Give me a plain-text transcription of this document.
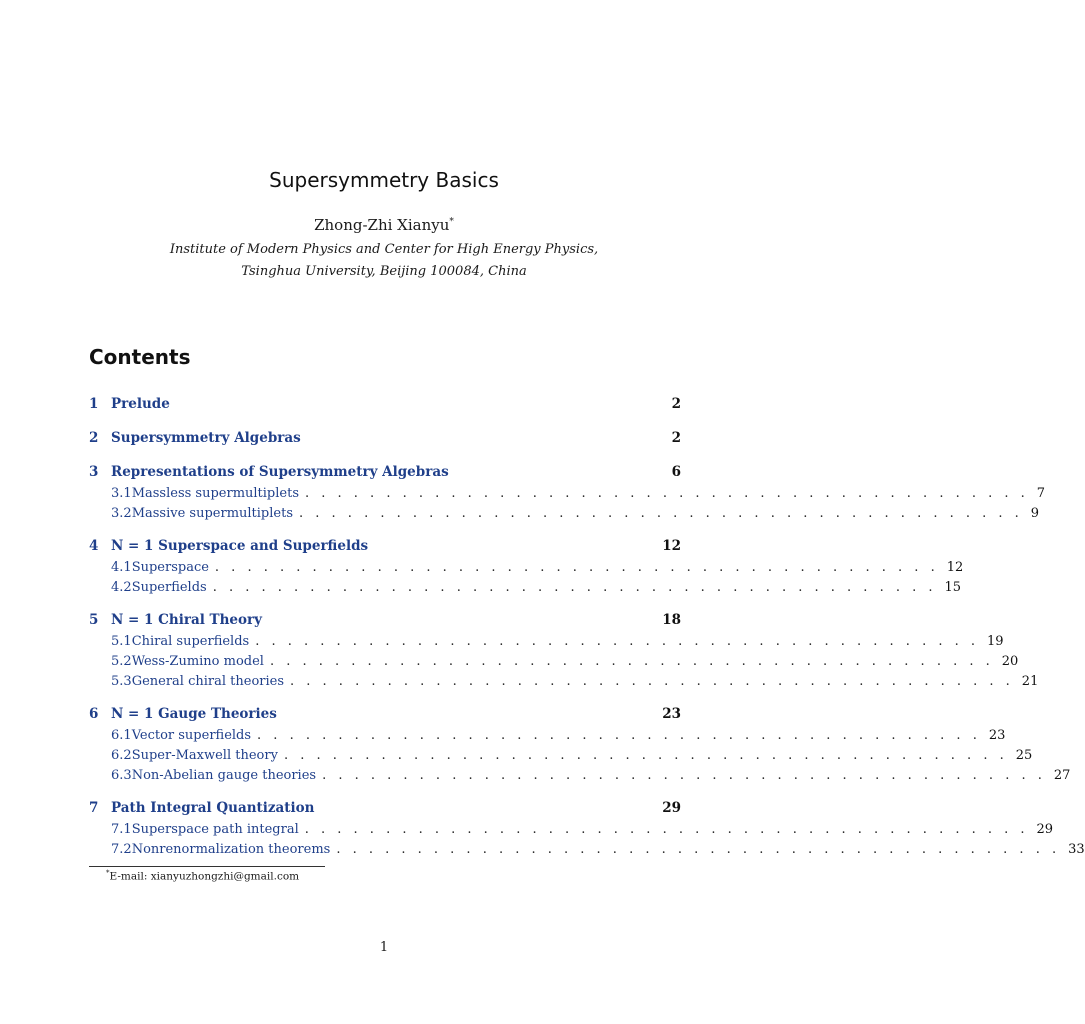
Supersymmetry Basics
Zhong-Zhi Xianyu*
Institute of Modern Physics and Center for High Energy Physics,
Tsinghua University, Beijing 100084, China
Contents
1 Prelude	2
2 Supersymmetry Algebras	2
3 Representations of Supersymmetry Algebras	6
3.1 Massless supermultiplets . . . . . . . . . . . . . . . . . . . . . . . . . . . . . . . . . . . . . . . . . . . . . 7
3.2 Massive supermultiplets . . . . . . . . . . . . . . . . . . . . . . . . . . . . . . . . . . . . . . . . . . . . . 9
4 N = 1 Superspace and Superfields	12
4.1 Superspace . . . . . . . . . . . . . . . . . . . . . . . . . . . . . . . . . . . . . . . . . . . . . 12
4.2 Superfields . . . . . . . . . . . . . . . . . . . . . . . . . . . . . . . . . . . . . . . . . . . . . 15
5 N = 1 Chiral Theory	18
5.1 Chiral superfields . . . . . . . . . . . . . . . . . . . . . . . . . . . . . . . . . . . . . . . . . . . . . 19
5.2 Wess-Zumino model . . . . . . . . . . . . . . . . . . . . . . . . . . . . . . . . . . . . . . . . . . . . . 20
5.3 General chiral theories . . . . . . . . . . . . . . . . . . . . . . . . . . . . . . . . . . . . . . . . . . . . . 21
6 N = 1 Gauge Theories	23
6.1 Vector superfields . . . . . . . . . . . . . . . . . . . . . . . . . . . . . . . . . . . . . . . . . . . . . 23
6.2 Super-Maxwell theory . . . . . . . . . . . . . . . . . . . . . . . . . . . . . . . . . . . . . . . . . . . . . 25
6.3 Non-Abelian gauge theories . . . . . . . . . . . . . . . . . . . . . . . . . . . . . . . . . . . . . . . . . . . . . 27
7 Path Integral Quantization	29
7.1 Superspace path integral . . . . . . . . . . . . . . . . . . . . . . . . . . . . . . . . . . . . . . . . . . . . . 29
7.2 Nonrenormalization theorems . . . . . . . . . . . . . . . . . . . . . . . . . . . . . . . . . . . . . . . . . . . . . 33
*E-mail: xianyuzhongzhi@gmail.com
1
